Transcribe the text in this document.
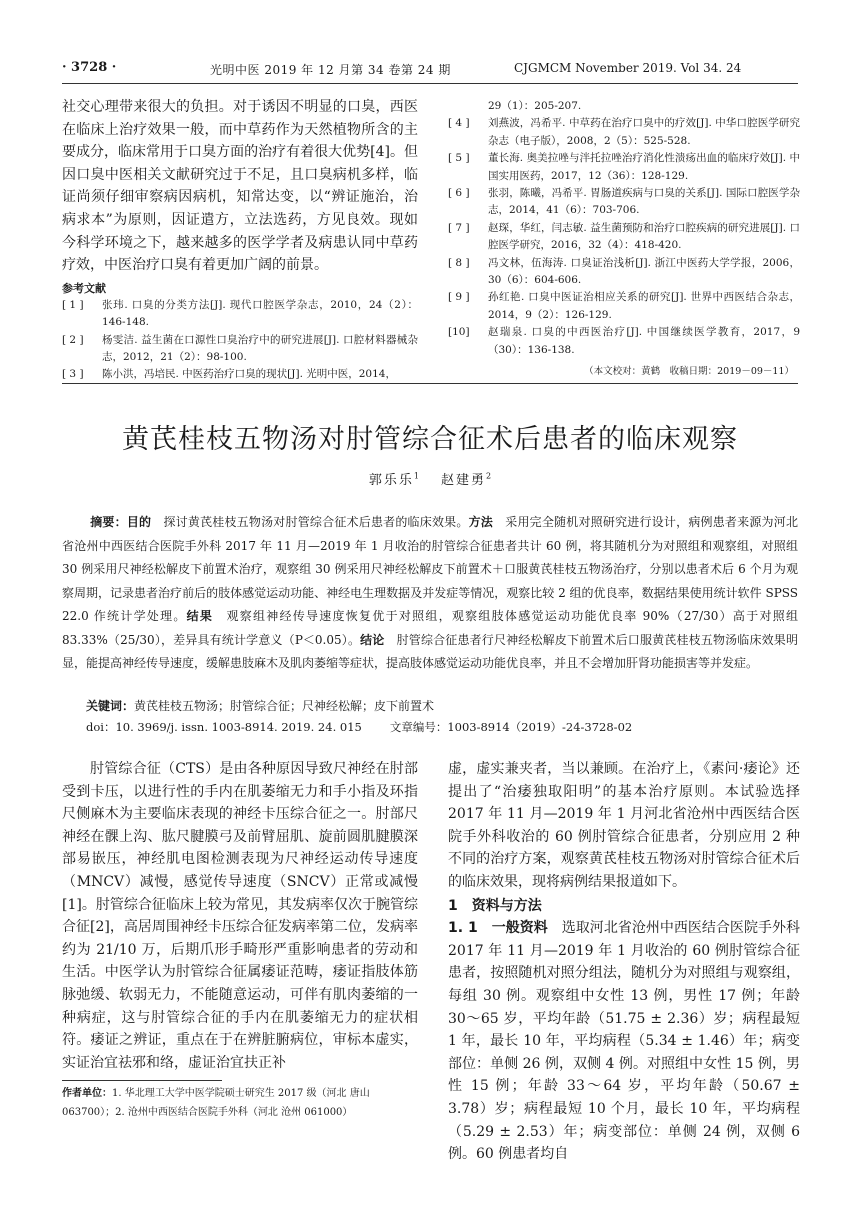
· 3728 ·	光明中医 2019 年 12 月第 34 卷第 24 期	CJGMCM November 2019. Vol 34. 24

社交心理带来很大的负担。对于诱因不明显的口臭，西医在临床上治疗效果一般，而中草药作为天然植物所含的主要成分，临床常用于口臭方面的治疗有着很大优势[4]。但因口臭中医相关文献研究过于不足，且口臭病机多样，临证尚须仔细审察病因病机，知常达变，以“辨证施治，治病求本”为原则，因证遣方，立法选药，方见良效。现如今科学环境之下，越来越多的医学学者及病患认同中草药疗效，中医治疗口臭有着更加广阔的前景。

参考文献
[ 1 ]	张玮. 口臭的分类方法[J]. 现代口腔医学杂志，2010，24（2）：146-148.
[ 2 ]	杨雯洁. 益生菌在口源性口臭治疗中的研究进展[J]. 口腔材料器械杂志，2012，21（2）：98-100.
[ 3 ]	陈小洪，冯培民. 中医药治疗口臭的现状[J]. 光明中医，2014，
29（1）：205-207.
[ 4 ]	刘燕波，冯希平. 中草药在治疗口臭中的疗效[J]. 中华口腔医学研究杂志（电子版），2008，2（5）：525-528.
[ 5 ]	董长海. 奥美拉唑与泮托拉唑治疗消化性溃疡出血的临床疗效[J]. 中国实用医药，2017，12（36）：128-129.
[ 6 ]	张羽，陈曦，冯希平. 胃肠道疾病与口臭的关系[J]. 国际口腔医学杂志，2014，41（6）：703-706.
[ 7 ]	赵琛，华红，闫志敏. 益生菌预防和治疗口腔疾病的研究进展[J]. 口腔医学研究，2016，32（4）：418-420.
[ 8 ]	冯文林，伍海涛. 口臭证治浅析[J]. 浙江中医药大学学报，2006，30（6）：604-606.
[ 9 ]	孙红艳. 口臭中医证治相应关系的研究[J]. 世界中西医结合杂志，2014，9（2）：126-129.
[10]	赵瑞泉. 口臭的中西医治疗[J]. 中国继续医学教育，2017，9（30）：136-138.
（本文校对：黄鹤　收稿日期：2019－09－11）
黄芪桂枝五物汤对肘管综合征术后患者的临床观察
郭乐乐$^1$ 赵建勇$^2$
摘要：目的　 探讨黄芪桂枝五物汤对肘管综合征术后患者的临床效果。方法　 采用完全随机对照研究进行设计，病例患者来源为河北省沧州中西医结合医院手外科 2017 年 11 月—2019 年 1 月收治的肘管综合征患者共计 60 例，将其随机分为对照组和观察组，对照组 30 例采用尺神经松解皮下前置术治疗，观察组 30 例采用尺神经松解皮下前置术＋口服黄芪桂枝五物汤治疗，分别以患者术后 6 个月为观察周期，记录患者治疗前后的肢体感觉运动功能、神经电生理数据及并发症等情况，观察比较 2 组的优良率，数据结果使用统计软件 SPSS 22.0 作统计学处理。结果　 观察组神经传导速度恢复优于对照组，观察组肢体感觉运动功能优良率 90%（27/30）高于对照组 83.33%（25/30），差异具有统计学意义（P＜0.05）。结论　 肘管综合征患者行尺神经松解皮下前置术后口服黄芪桂枝五物汤临床效果明显，能提高神经传导速度，缓解患肢麻木及肌肉萎缩等症状，提高肢体感觉运动功能优良率，并且不会增加肝肾功能损害等并发症。
关键词：黄芪桂枝五物汤；肘管综合征；尺神经松解；皮下前置术
doi：10. 3969/j. issn. 1003-8914. 2019. 24. 015 文章编号：1003-8914（2019）-24-3728-02

肘管综合征（CTS）是由各种原因导致尺神经在肘部受到卡压，以进行性的手内在肌萎缩无力和手小指及环指尺侧麻木为主要临床表现的神经卡压综合征之一。肘部尺神经在髁上沟、肱尺腱膜弓及前臂屈肌、旋前圆肌腱膜深部易嵌压，神经肌电图检测表现为尺神经运动传导速度（MNCV）减慢，感觉传导速度（SNCV）正常或减慢[1]。肘管综合征临床上较为常见，其发病率仅次于腕管综合征[2]，高居周围神经卡压综合征发病率第二位，发病率约为 21/10 万，后期爪形手畸形严重影响患者的劳动和生活。中医学认为肘管综合征属痿证范畴，痿证指肢体筋脉弛缓、软弱无力，不能随意运动，可伴有肌肉萎缩的一种病症，这与肘管综合征的手内在肌萎缩无力的症状相符。痿证之辨证，重点在于在辨脏腑病位，审标本虚实，实证治宜祛邪和络，虚证治宜扶正补

虚，虚实兼夹者，当以兼顾。在治疗上，《素问·痿论》还提出了“治痿独取阳明”的基本治疗原则。本试验选择 2017 年 11 月—2019 年 1 月河北省沧州中西医结合医院手外科收治的 60 例肘管综合征患者，分别应用 2 种不同的治疗方案，观察黄芪桂枝五物汤对肘管综合征术后的临床效果，现将病例结果报道如下。

1　资料与方法

1. 1　一般资料　 选取河北省沧州中西医结合医院手外科 2017 年 11 月—2019 年 1 月收治的 60 例肘管综合征患者，按照随机对照分组法，随机分为对照组与观察组，每组 30 例。观察组中女性 13 例，男性 17 例；年龄 30～65 岁，平均年龄（51.75 ± 2.36）岁；病程最短 1 年，最长 10 年，平均病程（5.34 ± 1.46）年；病变部位：单侧 26 例，双侧 4 例。对照组中女性 15 例，男性 15 例；年龄 33～64 岁，平均年龄（50.67 ± 3.78）岁；病程最短 10 个月，最长 10 年，平均病程（5.29 ± 2.53）年；病变部位：单侧 24 例，双侧 6 例。60 例患者均自

作者单位：1. 华北理工大学中医学院硕士研究生 2017 级（河北 唐山 063700）；2. 沧州中西医结合医院手外科（河北 沧州 061000）
